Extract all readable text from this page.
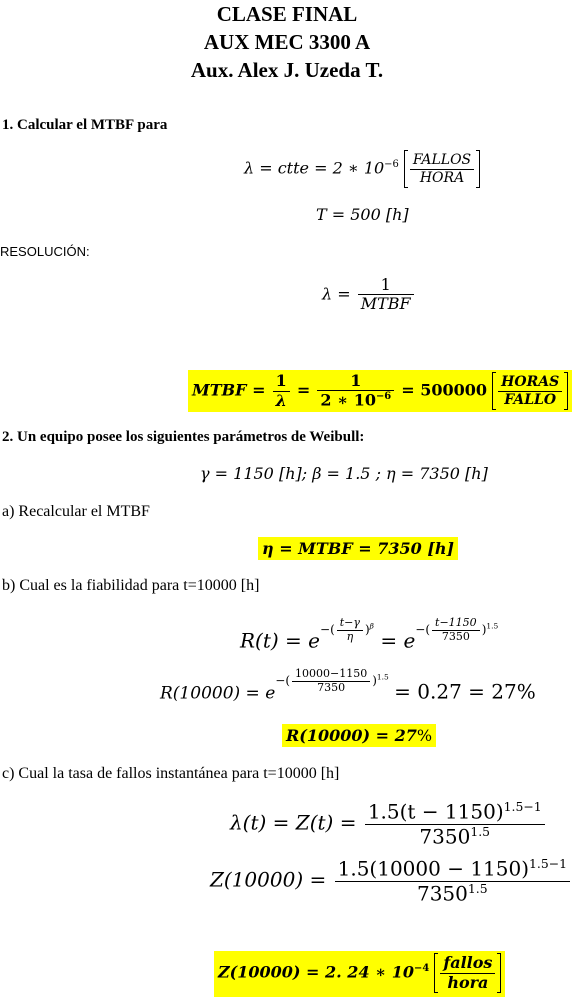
CLASE FINAL
AUX MEC 3300 A
Aux. Alex J. Uzeda T.
1. Calcular el MTBF para
λ = ctte = 2 ∗ $10^{-6} \frac{\text{FALLOS}}{\text{HORA}}$
T = 500 [h]
RESOLUCIÓN:
$\lambda = \frac{1}{\text{MTBF}}$
MTBF = $\frac{1}{\lambda} = \frac{1}{2 ∗ 10^{-6}} = 500000 \frac{\text{HORAS}}{\text{FALLO}}$
2. Un equipo posee los siguientes parámetros de Weibull:
γ = 1150 [h]; β = 1.5 ; η = 7350 [h]
a) Recalcular el MTBF
η = MTBF = 7350 [h]
b) Cual es la fiabilidad para t=10000 [h]
$R(t) = e-( \frac{t-\gamma}{\eta} )^\beta = e-( \frac{t-1150}{7350} )^{1.5}$
$R(10000) = e-( \frac{10000-1150}{7350} )^{1.5} = 0.27 = 27\%$
R(10000) = 27%
c) Cual la tasa de fallos instantánea para t=10000 [h]
$\lambda(t) = Z(t) = \frac{1.5(t - 1150)^{1.5-1}}{7350^{1.5}}$
$Z(10000) = \frac{1.5(10000 - 1150)^{1.5-1}}{7350^{1.5}}$
Z(10000) = 2. 24 ∗ $10^{-4} \frac{\text{fallos}}{\text{hora}}$
